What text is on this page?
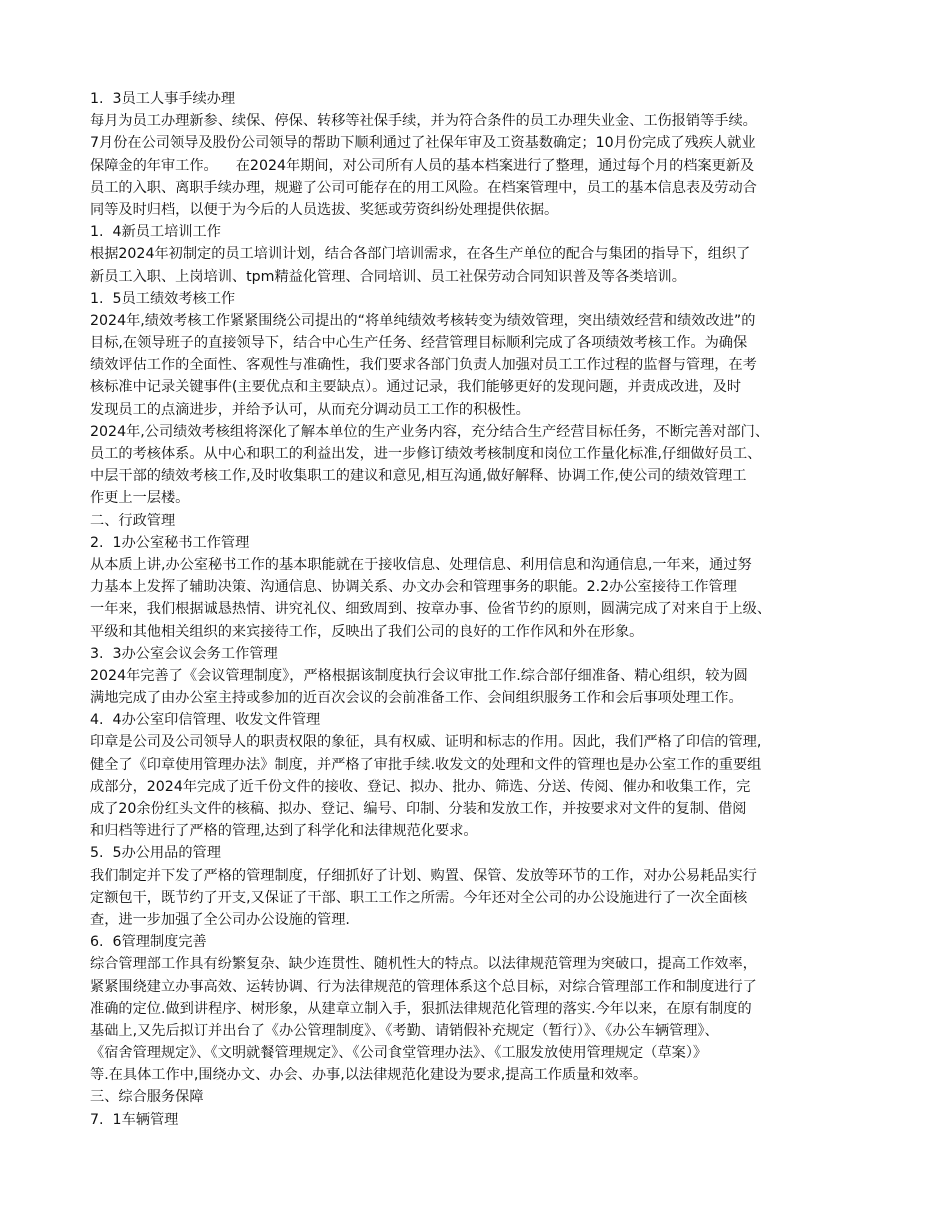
1.  3员工人事手续办理
每月为员工办理新参、续保、停保、转移等社保手续，并为符合条件的员工办理失业金、工伤报销等手续。
7月份在公司领导及股份公司领导的帮助下顺利通过了社保年审及工资基数确定；10月份完成了残疾人就业
保障金的年审工作。    在2024年期间，对公司所有人员的基本档案进行了整理，通过每个月的档案更新及
员工的入职、离职手续办理，规避了公司可能存在的用工风险。在档案管理中，员工的基本信息表及劳动合
同等及时归档，以便于为今后的人员选拔、奖惩或劳资纠纷处理提供依据。
1.  4新员工培训工作
根据2024年初制定的员工培训计划，结合各部门培训需求，在各生产单位的配合与集团的指导下，组织了
新员工入职、上岗培训、tpm精益化管理、合同培训、员工社保劳动合同知识普及等各类培训。
1.  5员工绩效考核工作
2024年,绩效考核工作紧紧围绕公司提出的“将单纯绩效考核转变为绩效管理，突出绩效经营和绩效改进”的
目标,在领导班子的直接领导下，结合中心生产任务、经营管理目标顺利完成了各项绩效考核工作。为确保
绩效评估工作的全面性、客观性与准确性，我们要求各部门负责人加强对员工工作过程的监督与管理，在考
核标准中记录关键事件(主要优点和主要缺点）。通过记录，我们能够更好的发现问题，并责成改进，及时
发现员工的点滴进步，并给予认可，从而充分调动员工工作的积极性。
2024年,公司绩效考核组将深化了解本单位的生产业务内容，充分结合生产经营目标任务，不断完善对部门、
员工的考核体系。从中心和职工的利益出发，进一步修订绩效考核制度和岗位工作量化标准,仔细做好员工、
中层干部的绩效考核工作,及时收集职工的建议和意见,相互沟通,做好解释、协调工作,使公司的绩效管理工
作更上一层楼。
二、行政管理
2.  1办公室秘书工作管理
从本质上讲,办公室秘书工作的基本职能就在于接收信息、处理信息、利用信息和沟通信息,一年来，通过努
力基本上发挥了辅助决策、沟通信息、协调关系、办文办会和管理事务的职能。2.2办公室接待工作管理
一年来，我们根据诚恳热情、讲究礼仪、细致周到、按章办事、俭省节约的原则，圆满完成了对来自于上级、
平级和其他相关组织的来宾接待工作，反映出了我们公司的良好的工作作风和外在形象。
3.  3办公室会议会务工作管理
2024年完善了《会议管理制度》，严格根据该制度执行会议审批工作.综合部仔细准备、精心组织，较为圆
满地完成了由办公室主持或参加的近百次会议的会前准备工作、会间组织服务工作和会后事项处理工作。
4.  4办公室印信管理、收发文件管理
印章是公司及公司领导人的职责权限的象征，具有权威、证明和标志的作用。因此，我们严格了印信的管理,
健全了《印章使用管理办法》制度，并严格了审批手续.收发文的处理和文件的管理也是办公室工作的重要组
成部分，2024年完成了近千份文件的接收、登记、拟办、批办、筛选、分送、传阅、催办和收集工作，完
成了20余份红头文件的核稿、拟办、登记、编号、印制、分装和发放工作，并按要求对文件的复制、借阅
和归档等进行了严格的管理,达到了科学化和法律规范化要求。
5.  5办公用品的管理
我们制定并下发了严格的管理制度，仔细抓好了计划、购置、保管、发放等环节的工作，对办公易耗品实行
定额包干，既节约了开支,又保证了干部、职工工作之所需。今年还对全公司的办公设施进行了一次全面核
查，进一步加强了全公司办公设施的管理.
6.  6管理制度完善
综合管理部工作具有纷繁复杂、缺少连贯性、随机性大的特点。以法律规范管理为突破口，提高工作效率，
紧紧围绕建立办事高效、运转协调、行为法律规范的管理体系这个总目标，对综合管理部工作和制度进行了
准确的定位.做到讲程序、树形象，从建章立制入手，狠抓法律规范化管理的落实.今年以来，在原有制度的
基础上,又先后拟订并出台了《办公管理制度》、《考勤、请销假补充规定（暂行）》、《办公车辆管理》、
《宿舍管理规定》、《文明就餐管理规定》、《公司食堂管理办法》、《工服发放使用管理规定（草案）》
等.在具体工作中,围绕办文、办会、办事,以法律规范化建设为要求,提高工作质量和效率。
三、综合服务保障
7.  1车辆管理
